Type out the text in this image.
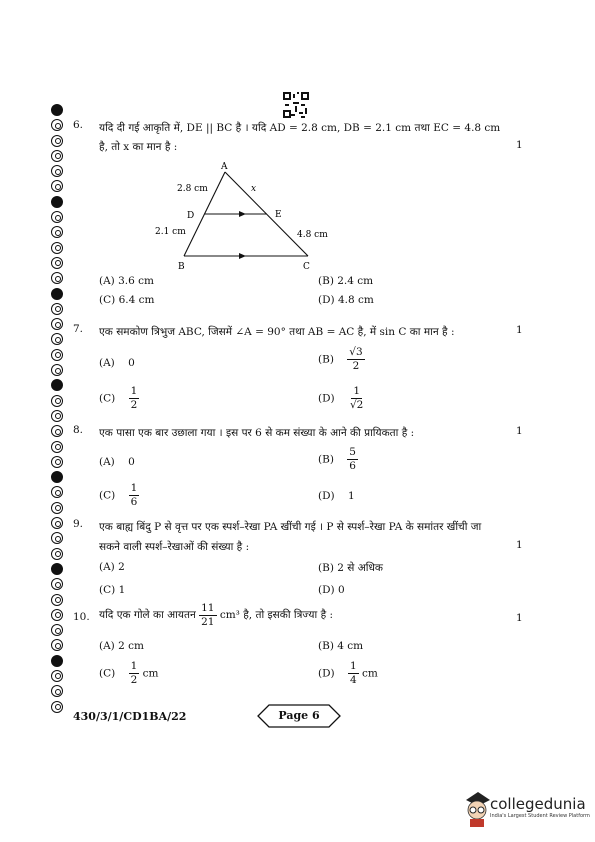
6. यदि दी गई आकृति में, DE || BC है । यदि AD = 2.8 cm, DB = 2.1 cm तथा EC = 4.8 cm
है, तो x का मान है :	1
A
B	C
D	E
2.8 cm	x
2.1 cm	4.8 cm
(A) 3.6 cm	(B) 2.4 cm
(C) 6.4 cm	(D) 4.8 cm
7. एक समकोण त्रिभुज ABC, जिसमें ∠A = 90° तथा AB = AC है, में sin C का मान है :	1
(A) 0	$(B) \frac{√3}{2}$
$(C) \frac{1}{2}$	$(D) \frac{1}{√2}$
8. एक पासा एक बार उछाला गया । इस पर 6 से कम संख्या के आने की प्रायिकता है :	1
(A) 0	$(B) \frac{5}{6}$
$(C) \frac{1}{6}$	(D) 1
9. एक बाह्य बिंदु P से वृत्त पर एक स्पर्श–रेखा PA खींची गई । P से स्पर्श–रेखा PA के समांतर खींची जा
सकने वाली स्पर्श–रेखाओं की संख्या है :	1
(A) 2	(B) 2 से अधिक
(C) 1	(D) 0
10. यदि एक गोले का आयतन $\frac{11}{21} cm^3$ है, तो इसकी त्रिज्या है :	1
(A) 2 cm	(B) 4 cm
$(C) \frac{1}{2}$ cm	$(D) \frac{1}{4}$ cm
430/3/1/CD1BA/22	Page 6
collegedunia
India's Largest Student Review Platform
